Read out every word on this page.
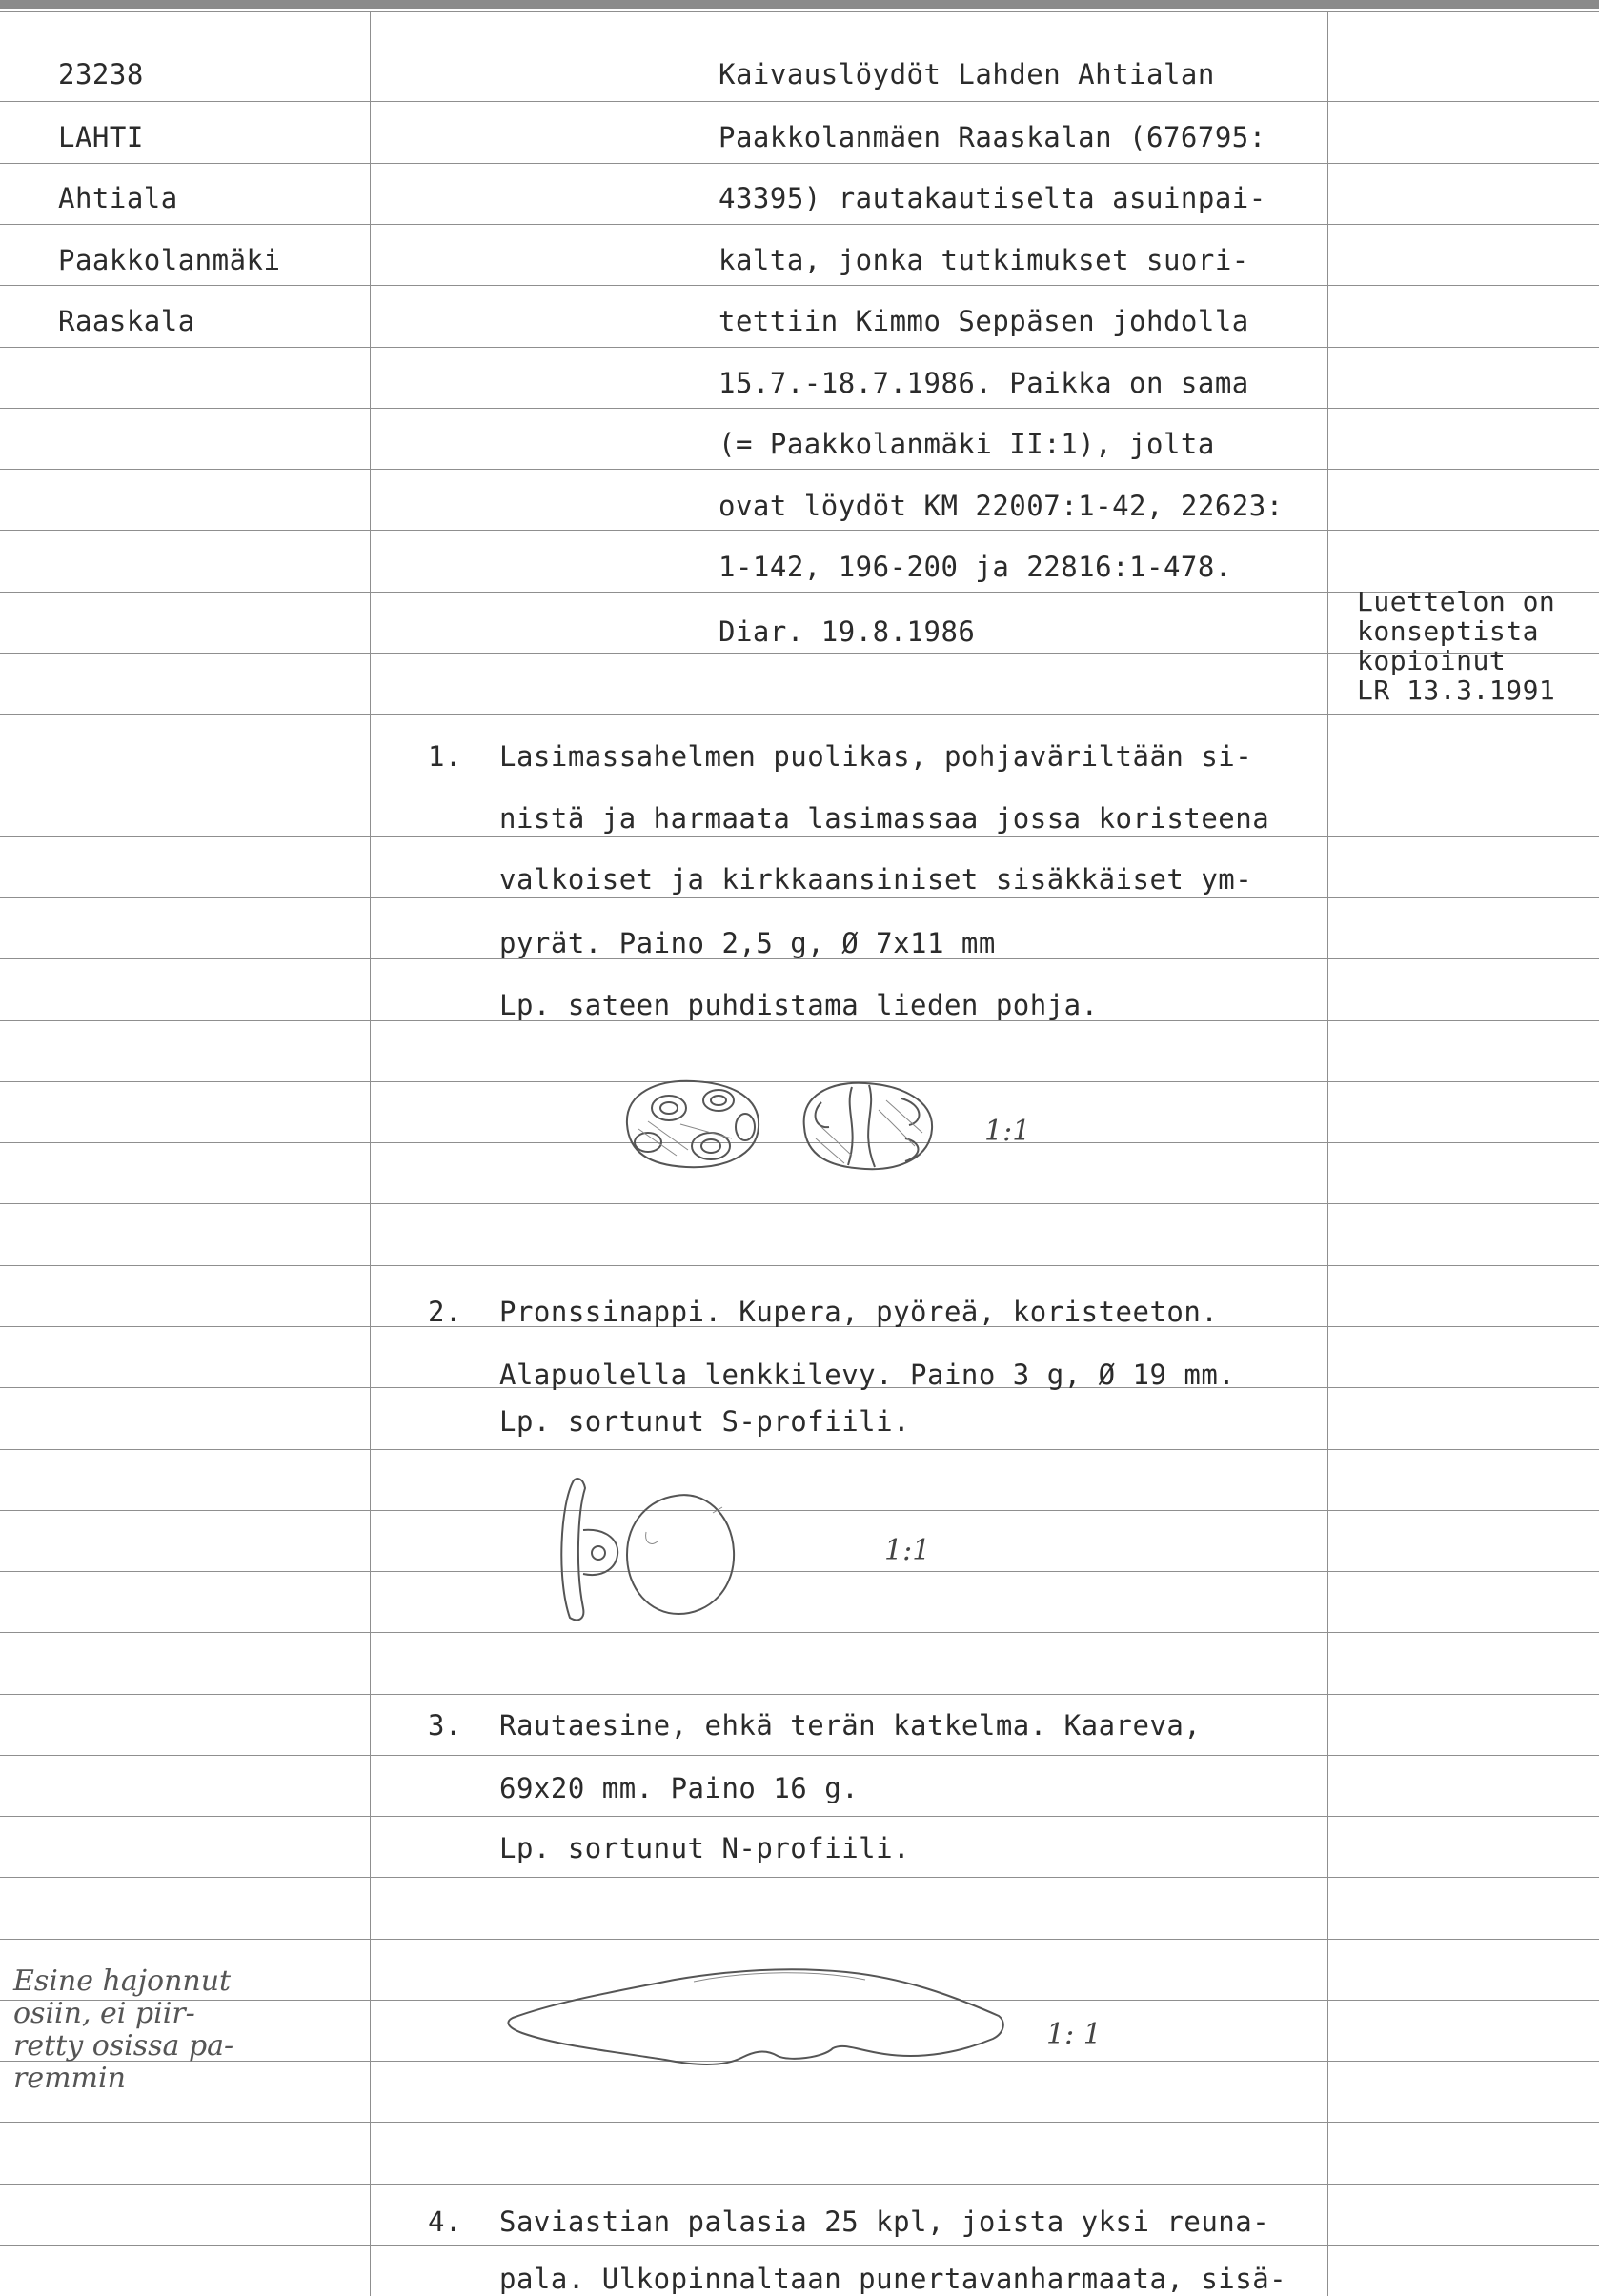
23238
LAHTI
Ahtiala
Paakkolanmäki
Raaskala
Kaivauslöydöt Lahden Ahtialan
Paakkolanmäen Raaskalan (676795:
43395) rautakautiselta asuinpai-
kalta, jonka tutkimukset suori-
tettiin Kimmo Seppäsen johdolla
15.7.-18.7.1986. Paikka on sama
(= Paakkolanmäki II:1), jolta
ovat löydöt KM 22007:1-42, 22623:
1-142, 196-200 ja 22816:1-478.
Diar. 19.8.1986
Luettelon on
konseptista
kopioinut
LR 13.3.1991
1. Lasimassahelmen puolikas, pohjaväriltään si-
nistä ja harmaata lasimassaa jossa koristeena
valkoiset ja kirkkaansiniset sisäkkäiset ym-
pyrät. Paino 2,5 g, Ø 7x11 mm
Lp. sateen puhdistama lieden pohja.
1:1
2. Pronssinappi. Kupera, pyöreä, koristeeton.
Alapuolella lenkkilevy. Paino 3 g, Ø 19 mm.
Lp. sortunut S-profiili.
1:1
3. Rautaesine, ehkä terän katkelma. Kaareva,
69x20 mm. Paino 16 g.
Lp. sortunut N-profiili.
1: 1
Esine hajonnut
osiin, ei piir-
retty osissa pa-
remmin
4. Saviastian palasia 25 kpl, joista yksi reuna-
pala. Ulkopinnaltaan punertavanharmaata, sisä-
